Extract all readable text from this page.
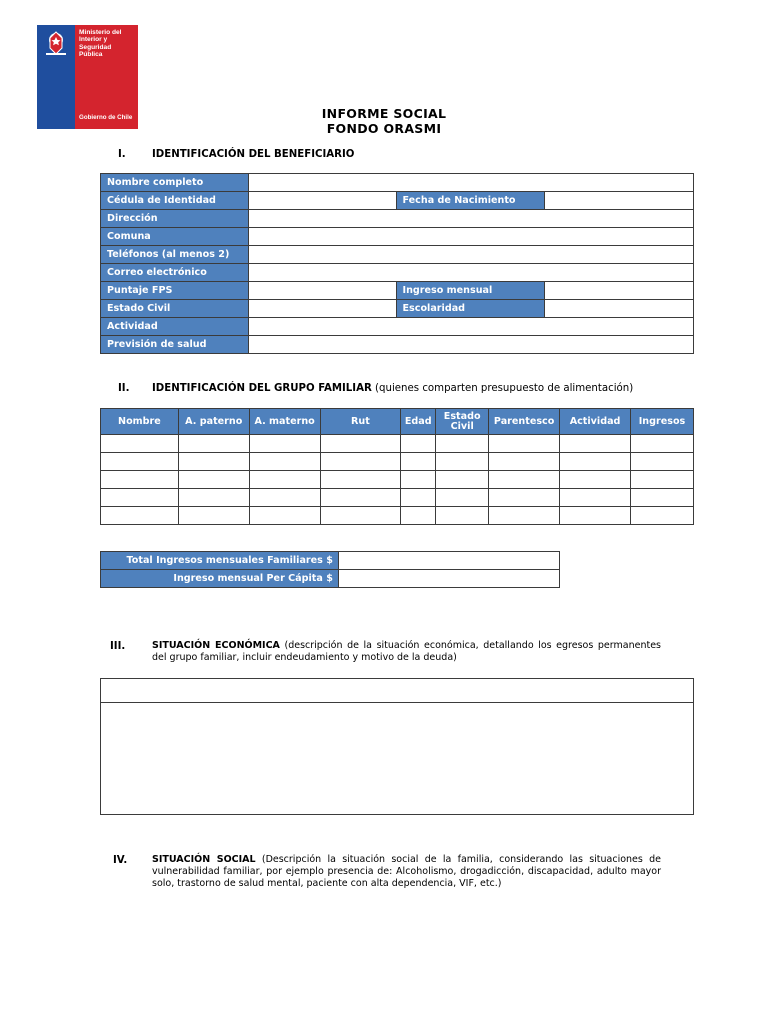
Ministerio del
Interior y
Seguridad
Pública
Gobierno de Chile	INFORME SOCIAL
FONDO ORASMI
I.	IDENTIFICACIÓN DEL BENEFICIARIO
Nombre completo			
Cédula de Identidad		Fecha de Nacimiento	
Dirección			
Comuna			
Teléfonos (al menos 2)			
Correo electrónico			
Puntaje FPS		Ingreso mensual	
Estado Civil		Escolaridad	
Actividad			
Previsión de salud			
II. IDENTIFICACIÓN DEL GRUPO FAMILIAR (quienes comparten presupuesto de alimentación)
Nombre	A. paterno	A. materno	Rut	Edad	Estado Civil	Parentesco	Actividad	Ingresos

Total Ingresos mensuales Familiares $	
Ingreso mensual Per Cápita $	
III.	SITUACIÓN ECONÓMICA (descripción de la situación económica, detallando los egresos permanentes del grupo familiar, incluir endeudamiento y motivo de la deuda)

IV.	SITUACIÓN SOCIAL (Descripción la situación social de la familia, considerando las situaciones de vulnerabilidad familiar, por ejemplo presencia de: Alcoholismo, drogadicción, discapacidad, adulto mayor solo, trastorno de salud mental, paciente con alta dependencia, VIF, etc.)
